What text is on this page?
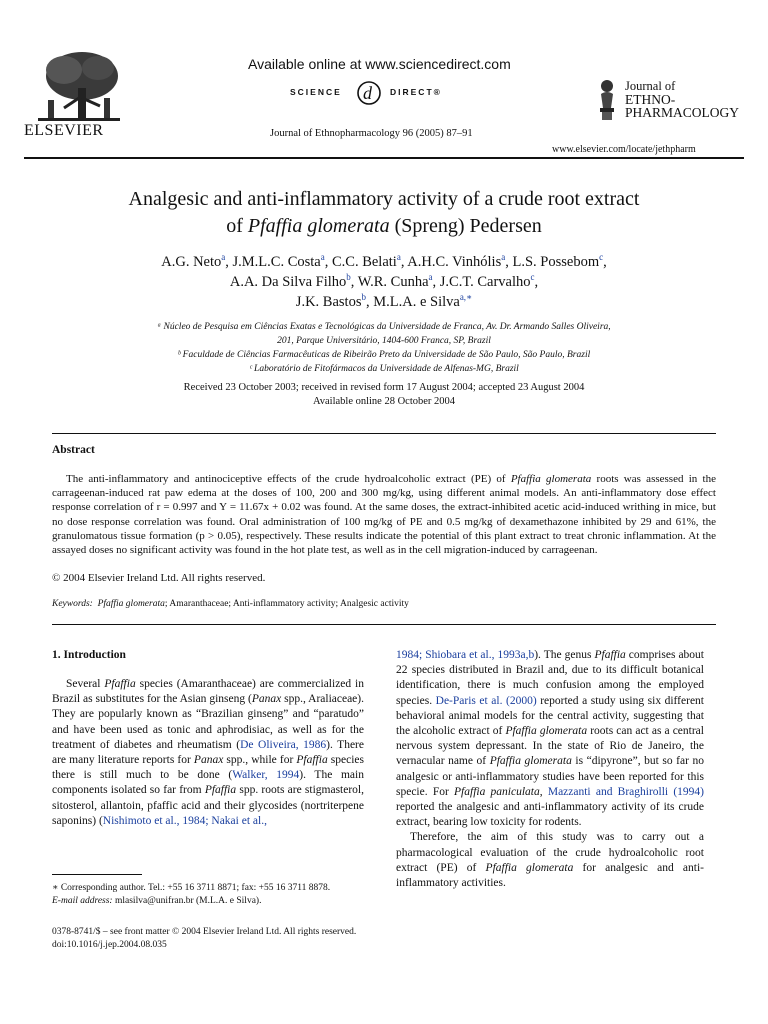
ELSEVIER
Available online at www.sciencedirect.com
SCIENCE d DIRECT®
Journal of Ethnopharmacology 96 (2005) 87–91
Journal of
ETHNO-
PHARMACOLOGY
www.elsevier.com/locate/jethpharm
Analgesic and anti-inflammatory activity of a crude root extract
of Pfaffia glomerata (Spreng) Pedersen
A.G. Neto$^a$, J.M.L.C. Costa$^a$, C.C. Belati$^a$, A.H.C. Vinhólis$^a$, L.S. Possebom$^c$,
A.A. Da Silva Filho$^b$, W.R. Cunha$^a$, J.C.T. Carvalho$^c$,
J.K. Bastos$^b$, M.L.A. e Silva$^{a,∗}$
ᵃ Núcleo de Pesquisa em Ciências Exatas e Tecnológicas da Universidade de Franca, Av. Dr. Armando Salles Oliveira,
201, Parque Universitário, 1404-600 Franca, SP, Brazil
ᵇ Faculdade de Ciências Farmacêuticas de Ribeirão Preto da Universidade de São Paulo, São Paulo, Brazil
ᶜ Laboratório de Fitofármacos da Universidade de Alfenas-MG, Brazil
Received 23 October 2003; received in revised form 17 August 2004; accepted 23 August 2004
Available online 28 October 2004
Abstract
The anti-inflammatory and antinociceptive effects of the crude hydroalcoholic extract (PE) of Pfaffia glomerata roots was assessed in the carrageenan-induced rat paw edema at the doses of 100, 200 and 300 mg/kg, using different animal models. An anti-inflammatory dose effect response correlation of r = 0.997 and Y = 11.67x + 0.02 was found. At the same doses, the extract-inhibited acetic acid-induced writhing in mice, but no dose response correlation was found. Oral administration of 100 mg/kg of PE and 0.5 mg/kg of dexamethazone inhibited by 29 and 61%, the granulomatous tissue formation (p > 0.05), respectively. These results indicate the potential of this plant extract to treat chronic inflammation. At the assayed doses no significant activity was found in the hot plate test, as well as in the cell migration-induced by carrageenan.
© 2004 Elsevier Ireland Ltd. All rights reserved.
Keywords: Pfaffia glomerata; Amaranthaceae; Anti-inflammatory activity; Analgesic activity
1. Introduction
Several Pfaffia species (Amaranthaceae) are commercialized in Brazil as substitutes for the Asian ginseng (Panax spp., Araliaceae). They are popularly known as “Brazilian ginseng” and “paratudo” and have been used as tonic and aphrodisiac, as well as for the treatment of diabetes and rheumatism (De Oliveira, 1986). There are many literature reports for Panax spp., while for Pfaffia species there is still much to be done (Walker, 1994). The main components isolated so far from Pfaffia spp. roots are stigmasterol, sitosterol, allantoin, pfaffic acid and their glycosides (nortriterpene saponins) (Nishimoto et al., 1984; Nakai et al.,
1984; Shiobara et al., 1993a,b). The genus Pfaffia comprises about 22 species distributed in Brazil and, due to its difficult botanical identification, there is much confusion among the employed species. De-Paris et al. (2000) reported a study using six different behavioral animal models for the central activity, suggesting that the alcoholic extract of Pfaffia glomerata roots can act as a central nervous system depressant. In the state of Rio de Janeiro, the vernacular name of Pfaffia glomerata is “dipyrone”, but so far no analgesic or anti-inflammatory studies have been reported for this specie. For Pfaffia paniculata, Mazzanti and Braghirolli (1994) reported the analgesic and anti-inflammatory activity of its crude extract, bearing low toxicity for rodents.
Therefore, the aim of this study was to carry out a pharmacological evaluation of the crude hydroalcoholic root extract (PE) of Pfaffia glomerata for analgesic and anti-inflammatory activities.
∗ Corresponding author. Tel.: +55 16 3711 8871; fax: +55 16 3711 8878.
E-mail address: mlasilva@unifran.br (M.L.A. e Silva).
0378-8741/$ – see front matter © 2004 Elsevier Ireland Ltd. All rights reserved.
doi:10.1016/j.jep.2004.08.035
